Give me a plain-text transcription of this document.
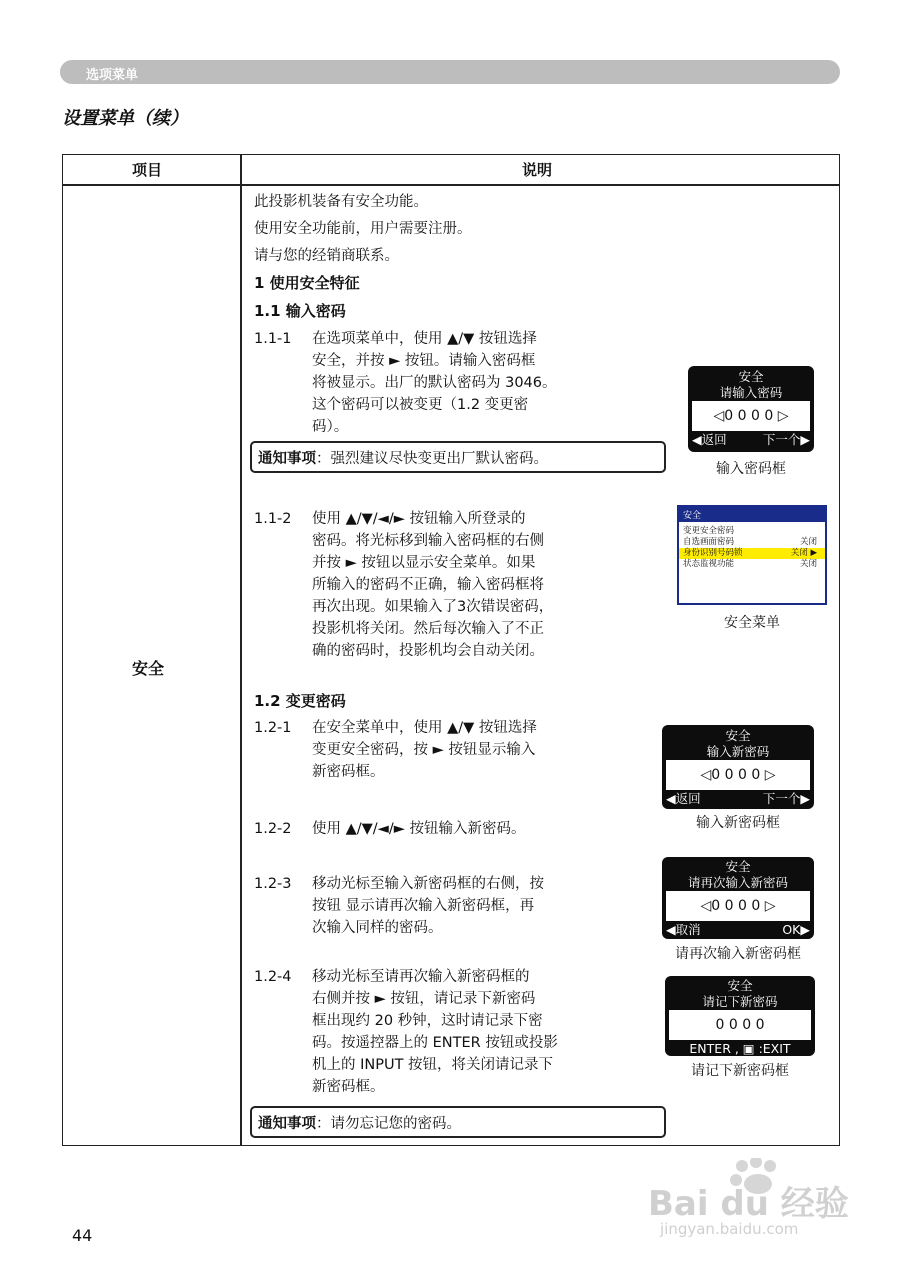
选项菜单
设置菜单（续）
项目	说明
安全
此投影机装备有安全功能。
使用安全功能前，用户需要注册。
请与您的经销商联系。
1 使用安全特征
1.1 输入密码
1.1-1 在选项菜单中，使用 ▲/▼ 按钮选择
安全，并按 ► 按钮。请输入密码框
将被显示。出厂的默认密码为 3046。
这个密码可以被变更（1.2 变更密
码）。
通知事项：强烈建议尽快变更出厂默认密码。
安全
请输入密码
◁0 0 0 0 ▷
◀返回	下一个▶
输入密码框
1.1-2 使用 ▲/▼/◄/► 按钮输入所登录的
密码。将光标移到输入密码框的右侧
并按 ► 按钮以显示安全菜单。如果
所输入的密码不正确，输入密码框将
再次出现。如果输入了3次错误密码，
投影机将关闭。然后每次输入了不正
确的密码时，投影机均会自动关闭。
安全
变更安全密码
自选画面密码	关闭
身份识别号码锁	关闭 ▶
状态监视功能	关闭
安全菜单
1.2 变更密码
1.2-1 在安全菜单中，使用 ▲/▼ 按钮选择
变更安全密码，按 ► 按钮显示输入
新密码框。
安全
输入新密码
◁0 0 0 0 ▷
◀返回	下一个▶
输入新密码框
1.2-2 使用 ▲/▼/◄/► 按钮输入新密码。
1.2-3 移动光标至输入新密码框的右侧，按
按钮 显示请再次输入新密码框，再
次输入同样的密码。
安全
请再次输入新密码
◁0 0 0 0 ▷
◀取消	OK▶
请再次输入新密码框
1.2-4 移动光标至请再次输入新密码框的
右侧并按 ► 按钮，请记录下新密码
框出现约 20 秒钟，这时请记录下密
码。按遥控器上的 ENTER 按钮或投影
机上的 INPUT 按钮，将关闭请记录下
新密码框。
安全
请记下新密码
0 0 0 0
ENTER , ▣ :EXIT
请记下新密码框
通知事项：请勿忘记您的密码。
44
Bai du 经验
jingyan.baidu.com
